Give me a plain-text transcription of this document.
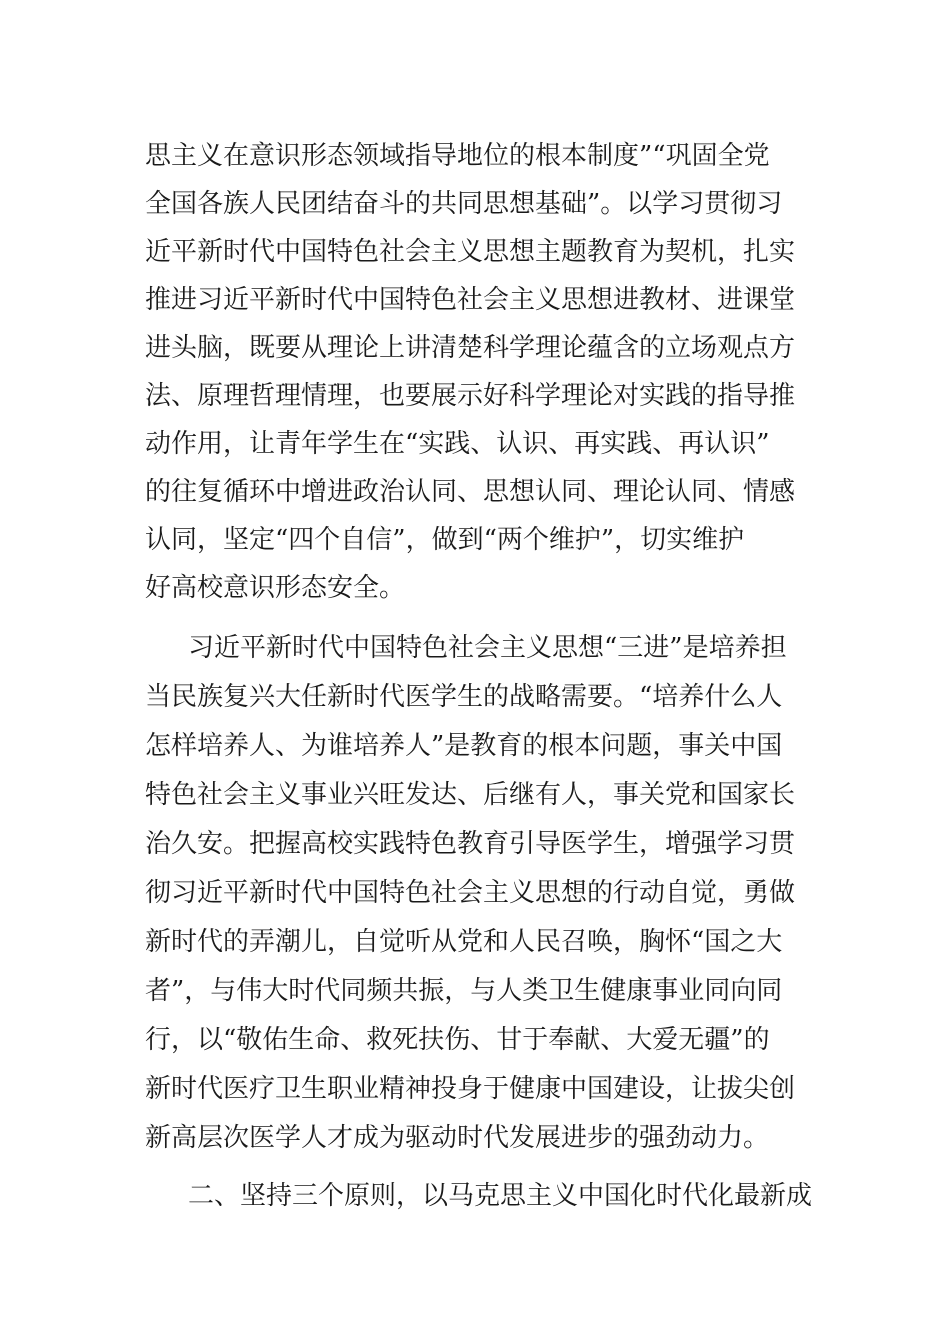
思主义在意识形态领域指导地位的根本制度”“巩固全党
全国各族人民团结奋斗的共同思想基础”。以学习贯彻习
近平新时代中国特色社会主义思想主题教育为契机，扎实
推进习近平新时代中国特色社会主义思想进教材、进课堂
进头脑，既要从理论上讲清楚科学理论蕴含的立场观点方
法、原理哲理情理，也要展示好科学理论对实践的指导推
动作用，让青年学生在“实践、认识、再实践、再认识”
的往复循环中增进政治认同、思想认同、理论认同、情感
认同，坚定“四个自信”，做到“两个维护”，切实维护
好高校意识形态安全。
习近平新时代中国特色社会主义思想“三进”是培养担
当民族复兴大任新时代医学生的战略需要。“培养什么人
怎样培养人、为谁培养人”是教育的根本问题，事关中国
特色社会主义事业兴旺发达、后继有人，事关党和国家长
治久安。把握高校实践特色教育引导医学生，增强学习贯
彻习近平新时代中国特色社会主义思想的行动自觉，勇做
新时代的弄潮儿，自觉听从党和人民召唤，胸怀“国之大
者”，与伟大时代同频共振，与人类卫生健康事业同向同
行，以“敬佑生命、救死扶伤、甘于奉献、大爱无疆”的
新时代医疗卫生职业精神投身于健康中国建设，让拔尖创
新高层次医学人才成为驱动时代发展进步的强劲动力。
二、坚持三个原则，以马克思主义中国化时代化最新成
